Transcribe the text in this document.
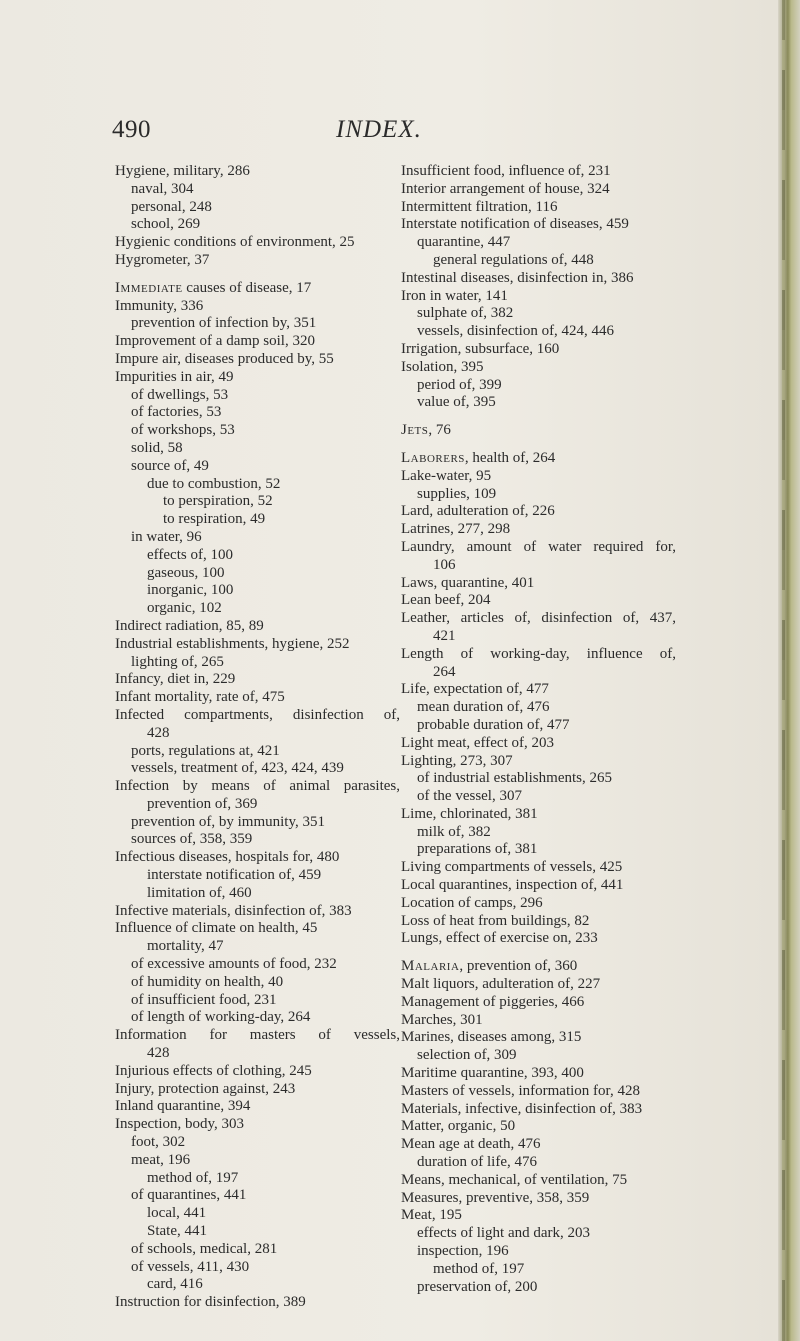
490	INDEX.
Hygiene, military, 286
naval, 304
personal, 248
school, 269
Hygienic conditions of environment, 25
Hygrometer, 37
Immediate causes of disease, 17
Immunity, 336
prevention of infection by, 351
Improvement of a damp soil, 320
Impure air, diseases produced by, 55
Impurities in air, 49
of dwellings, 53
of factories, 53
of workshops, 53
solid, 58
source of, 49
due to combustion, 52
to perspiration, 52
to respiration, 49
in water, 96
effects of, 100
gaseous, 100
inorganic, 100
organic, 102
Indirect radiation, 85, 89
Industrial establishments, hygiene, 252
lighting of, 265
Infancy, diet in, 229
Infant mortality, rate of, 475
Infected compartments, disinfection of,
428
ports, regulations at, 421
vessels, treatment of, 423, 424, 439
Infection by means of animal parasites,
prevention of, 369
prevention of, by immunity, 351
sources of, 358, 359
Infectious diseases, hospitals for, 480
interstate notification of, 459
limitation of, 460
Infective materials, disinfection of, 383
Influence of climate on health, 45
mortality, 47
of excessive amounts of food, 232
of humidity on health, 40
of insufficient food, 231
of length of working-day, 264
Information for masters of vessels,
428
Injurious effects of clothing, 245
Injury, protection against, 243
Inland quarantine, 394
Inspection, body, 303
foot, 302
meat, 196
method of, 197
of quarantines, 441
local, 441
State, 441
of schools, medical, 281
of vessels, 411, 430
card, 416
Instruction for disinfection, 389
Insufficient food, influence of, 231
Interior arrangement of house, 324
Intermittent filtration, 116
Interstate notification of diseases, 459
quarantine, 447
general regulations of, 448
Intestinal diseases, disinfection in, 386
Iron in water, 141
sulphate of, 382
vessels, disinfection of, 424, 446
Irrigation, subsurface, 160
Isolation, 395
period of, 399
value of, 395
Jets, 76
Laborers, health of, 264
Lake-water, 95
supplies, 109
Lard, adulteration of, 226
Latrines, 277, 298
Laundry, amount of water required for,
106
Laws, quarantine, 401
Lean beef, 204
Leather, articles of, disinfection of, 437,
421
Length of working-day, influence of,
264
Life, expectation of, 477
mean duration of, 476
probable duration of, 477
Light meat, effect of, 203
Lighting, 273, 307
of industrial establishments, 265
of the vessel, 307
Lime, chlorinated, 381
milk of, 382
preparations of, 381
Living compartments of vessels, 425
Local quarantines, inspection of, 441
Location of camps, 296
Loss of heat from buildings, 82
Lungs, effect of exercise on, 233
Malaria, prevention of, 360
Malt liquors, adulteration of, 227
Management of piggeries, 466
Marches, 301
Marines, diseases among, 315
selection of, 309
Maritime quarantine, 393, 400
Masters of vessels, information for, 428
Materials, infective, disinfection of, 383
Matter, organic, 50
Mean age at death, 476
duration of life, 476
Means, mechanical, of ventilation, 75
Measures, preventive, 358, 359
Meat, 195
effects of light and dark, 203
inspection, 196
method of, 197
preservation of, 200
